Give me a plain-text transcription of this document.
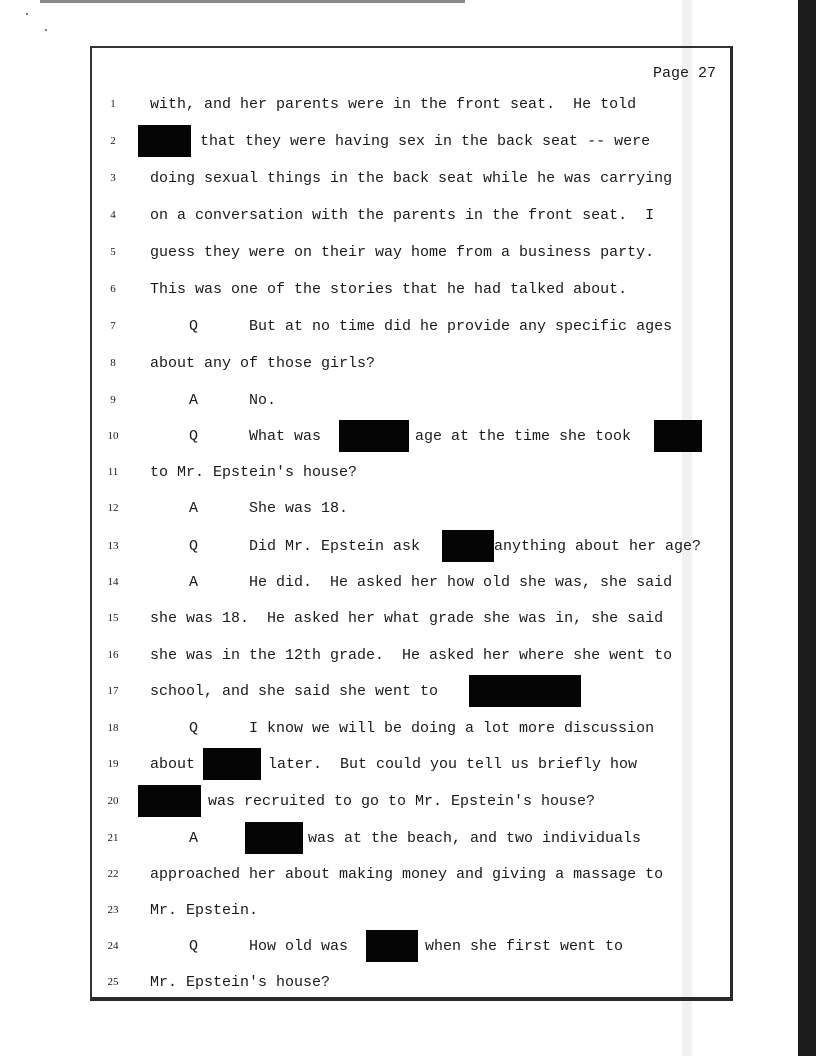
Page 27
1	with, and her parents were in the front seat.  He told
2	that they were having sex in the back seat -- were
3	doing sexual things in the back seat while he was carrying
4	on a conversation with the parents in the front seat.  I
5	guess they were on their way home from a business party.
6	This was one of the stories that he had talked about.
7	Q	But at no time did he provide any specific ages
8	about any of those girls?
9	A	No.
10	Q	What was	age at the time she took
11	to Mr. Epstein's house?
12	A	She was 18.
13	Q	Did Mr. Epstein ask	anything about her age?
14	A	He did.  He asked her how old she was, she said
15	she was 18.  He asked her what grade she was in, she said
16	she was in the 12th grade.  He asked her where she went to
17	school, and she said she went to
18	Q	I know we will be doing a lot more discussion
19	about	later.  But could you tell us briefly how
20	was recruited to go to Mr. Epstein's house?
21	A	was at the beach, and two individuals
22	approached her about making money and giving a massage to
23	Mr. Epstein.
24	Q	How old was	when she first went to
25	Mr. Epstein's house?
